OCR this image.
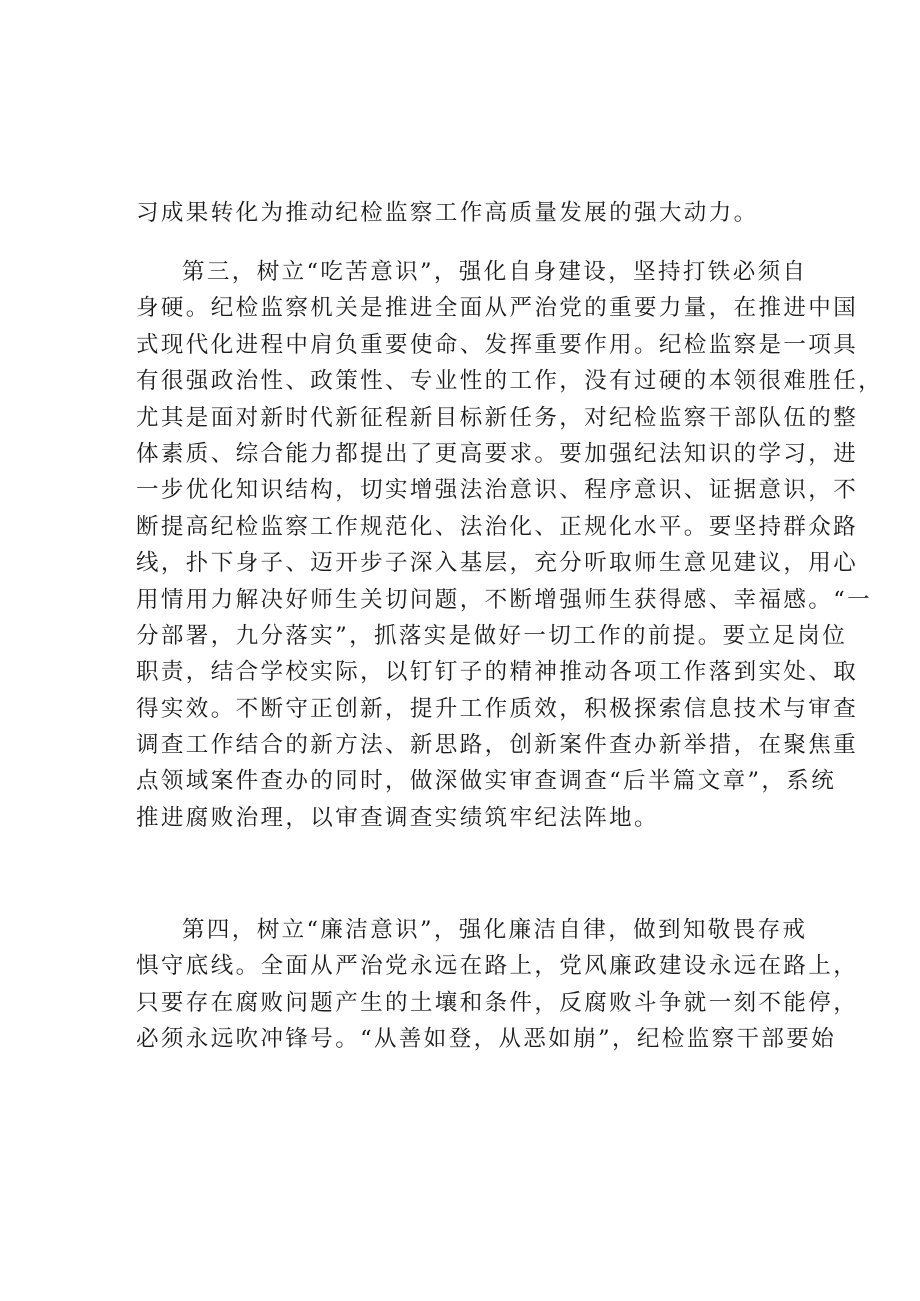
习成果转化为推动纪检监察工作高质量发展的强大动力。
第三，树立“吃苦意识”，强化自身建设，坚持打铁必须自
身硬。纪检监察机关是推进全面从严治党的重要力量，在推进中国
式现代化进程中肩负重要使命、发挥重要作用。纪检监察是一项具
有很强政治性、政策性、专业性的工作，没有过硬的本领很难胜任，
尤其是面对新时代新征程新目标新任务，对纪检监察干部队伍的整
体素质、综合能力都提出了更高要求。要加强纪法知识的学习，进
一步优化知识结构，切实增强法治意识、程序意识、证据意识，不
断提高纪检监察工作规范化、法治化、正规化水平。要坚持群众路
线，扑下身子、迈开步子深入基层，充分听取师生意见建议，用心
用情用力解决好师生关切问题，不断增强师生获得感、幸福感。“一
分部署，九分落实”，抓落实是做好一切工作的前提。要立足岗位
职责，结合学校实际，以钉钉子的精神推动各项工作落到实处、取
得实效。不断守正创新，提升工作质效，积极探索信息技术与审查
调查工作结合的新方法、新思路，创新案件查办新举措，在聚焦重
点领域案件查办的同时，做深做实审查调查“后半篇文章”，系统
推进腐败治理，以审查调查实绩筑牢纪法阵地。
第四，树立“廉洁意识”，强化廉洁自律，做到知敬畏存戒
惧守底线。全面从严治党永远在路上，党风廉政建设永远在路上，
只要存在腐败问题产生的土壤和条件，反腐败斗争就一刻不能停，
必须永远吹冲锋号。“从善如登，从恶如崩”，纪检监察干部要始
